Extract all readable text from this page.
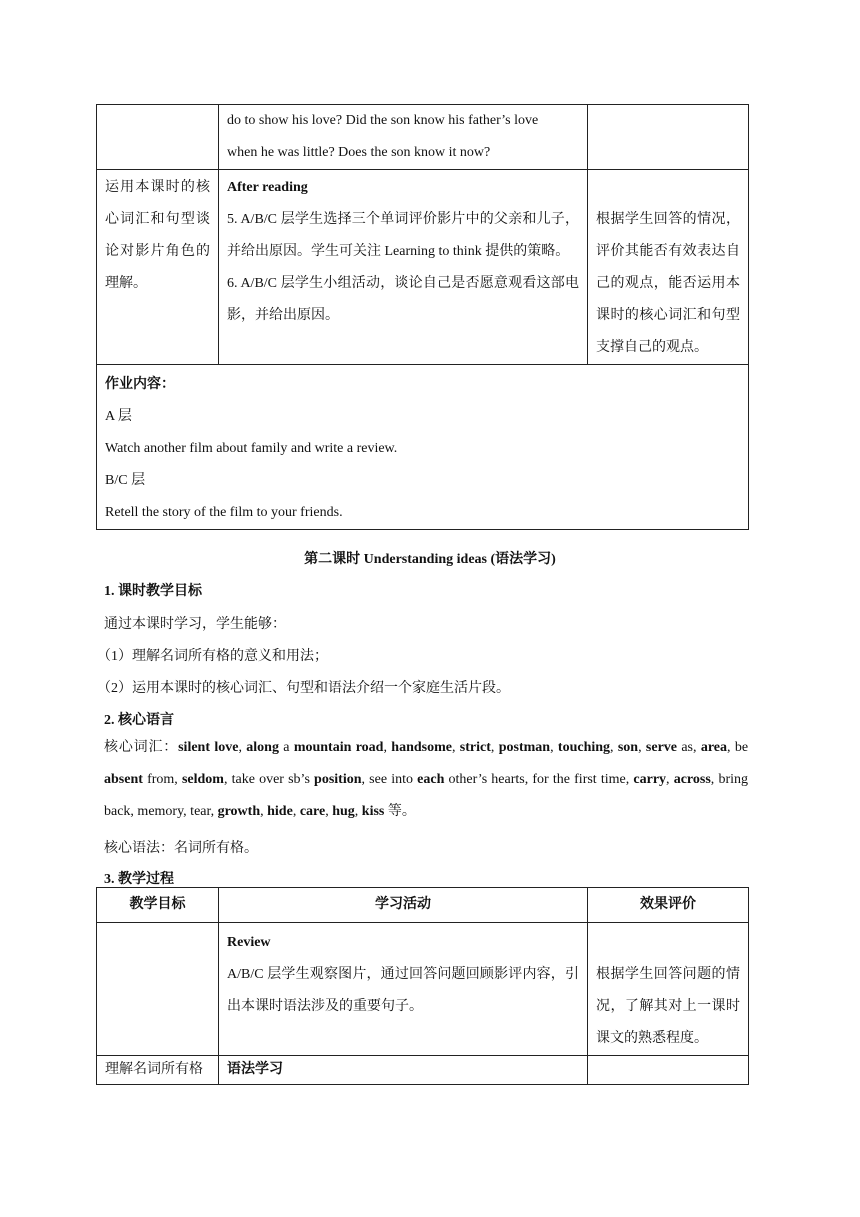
	do to show his love? Did the son know his father’s love
when he was little? Does the son know it now?	

运用本课时的核心词汇和句型谈论对影片角色的理解。	After reading
5. A/B/C 层学生选择三个单词评价影片中的父亲和儿子，并给出原因。学生可关注 Learning to think 提供的策略。
6. A/B/C 层学生小组活动，谈论自己是否愿意观看这部电影，并给出原因。	根据学生回答的情况，评价其能否有效表达自己的观点，能否运用本课时的核心词汇和句型支撑自己的观点。

作业内容：
A 层
Watch another film about family and write a review.
B/C 层
Retell the story of the film to your friends.		
第二课时 Understanding ideas (语法学习)
1. 课时教学目标
通过本课时学习，学生能够：
（1）理解名词所有格的意义和用法；
（2）运用本课时的核心词汇、句型和语法介绍一个家庭生活片段。
2. 核心语言
核心词汇：silent love, along a mountain road, handsome, strict, postman, touching, son, serve as, area, be absent from, seldom, take over sb’s position, see into each other’s hearts, for the first time, carry, across, bring back, memory, tear, growth, hide, care, hug, kiss 等。
核心语法：名词所有格。
3. 教学过程
教学目标	学习活动	效果评价

	Review
A/B/C 层学生观察图片，通过回答问题回顾影评内容，引出本课时语法涉及的重要句子。	根据学生回答问题的情况，了解其对上一课时课文的熟悉程度。

理解名词所有格	语法学习	
